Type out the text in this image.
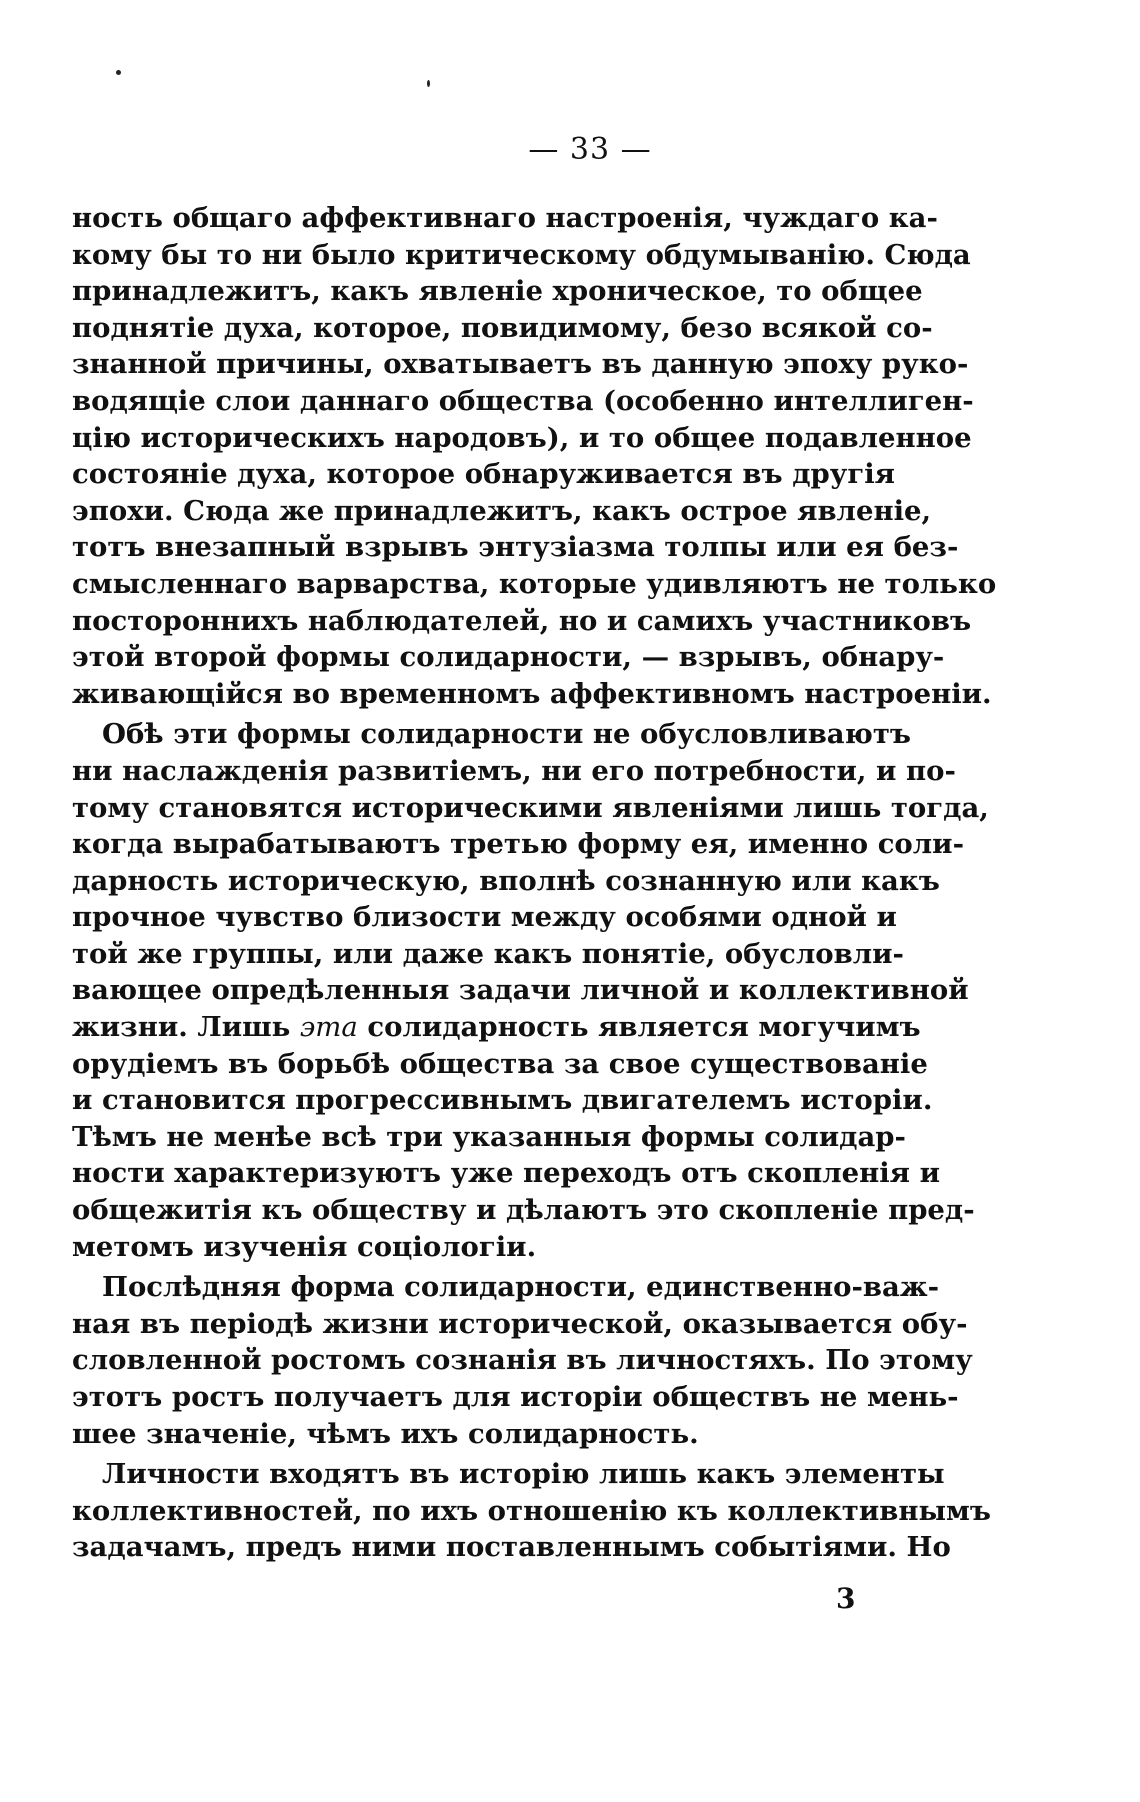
— 33 —
ность общаго аффективнаго настроенія, чуждаго ка-
кому бы то ни было критическому обдумыванію. Сюда
принадлежитъ, какъ явленіе хроническое, то общее
поднятіе духа, которое, повидимому, безо всякой со-
знанной причины, охватываетъ въ данную эпоху руко-
водящіе слои даннаго общества (особенно интеллиген-
цію историческихъ народовъ), и то общее подавленное
состояніе духа, которое обнаруживается въ другія
эпохи. Сюда же принадлежитъ, какъ острое явленіе,
тотъ внезапный взрывъ энтузіазма толпы или ея без-
смысленнаго варварства, которые удивляютъ не только
постороннихъ наблюдателей, но и самихъ участниковъ
этой второй формы солидарности, — взрывъ, обнару-
живающійся во временномъ аффективномъ настроеніи.
Обѣ эти формы солидарности не обусловливаютъ
ни наслажденія развитіемъ, ни его потребности, и по-
тому становятся историческими явленіями лишь тогда,
когда вырабатываютъ третью форму ея, именно соли-
дарность историческую, вполнѣ сознанную или какъ
прочное чувство близости между особями одной и
той же группы, или даже какъ понятіе, обусловли-
вающее опредѣленныя задачи личной и коллективной
жизни. Лишь эта солидарность является могучимъ
орудіемъ въ борьбѣ общества за свое существованіе
и становится прогрессивнымъ двигателемъ исторіи.
Тѣмъ не менѣе всѣ три указанныя формы солидар-
ности характеризуютъ уже переходъ отъ скопленія и
общежитія къ обществу и дѣлаютъ это скопленіе пред-
метомъ изученія соціологіи.
Послѣдняя форма солидарности, единственно-важ-
ная въ періодѣ жизни исторической, оказывается обу-
словленной ростомъ сознанія въ личностяхъ. По этому
этотъ ростъ получаетъ для исторіи обществъ не мень-
шее значеніе, чѣмъ ихъ солидарность.
Личности входятъ въ исторію лишь какъ элементы
коллективностей, по ихъ отношенію къ коллективнымъ
задачамъ, предъ ними поставленнымъ событіями. Но
3
